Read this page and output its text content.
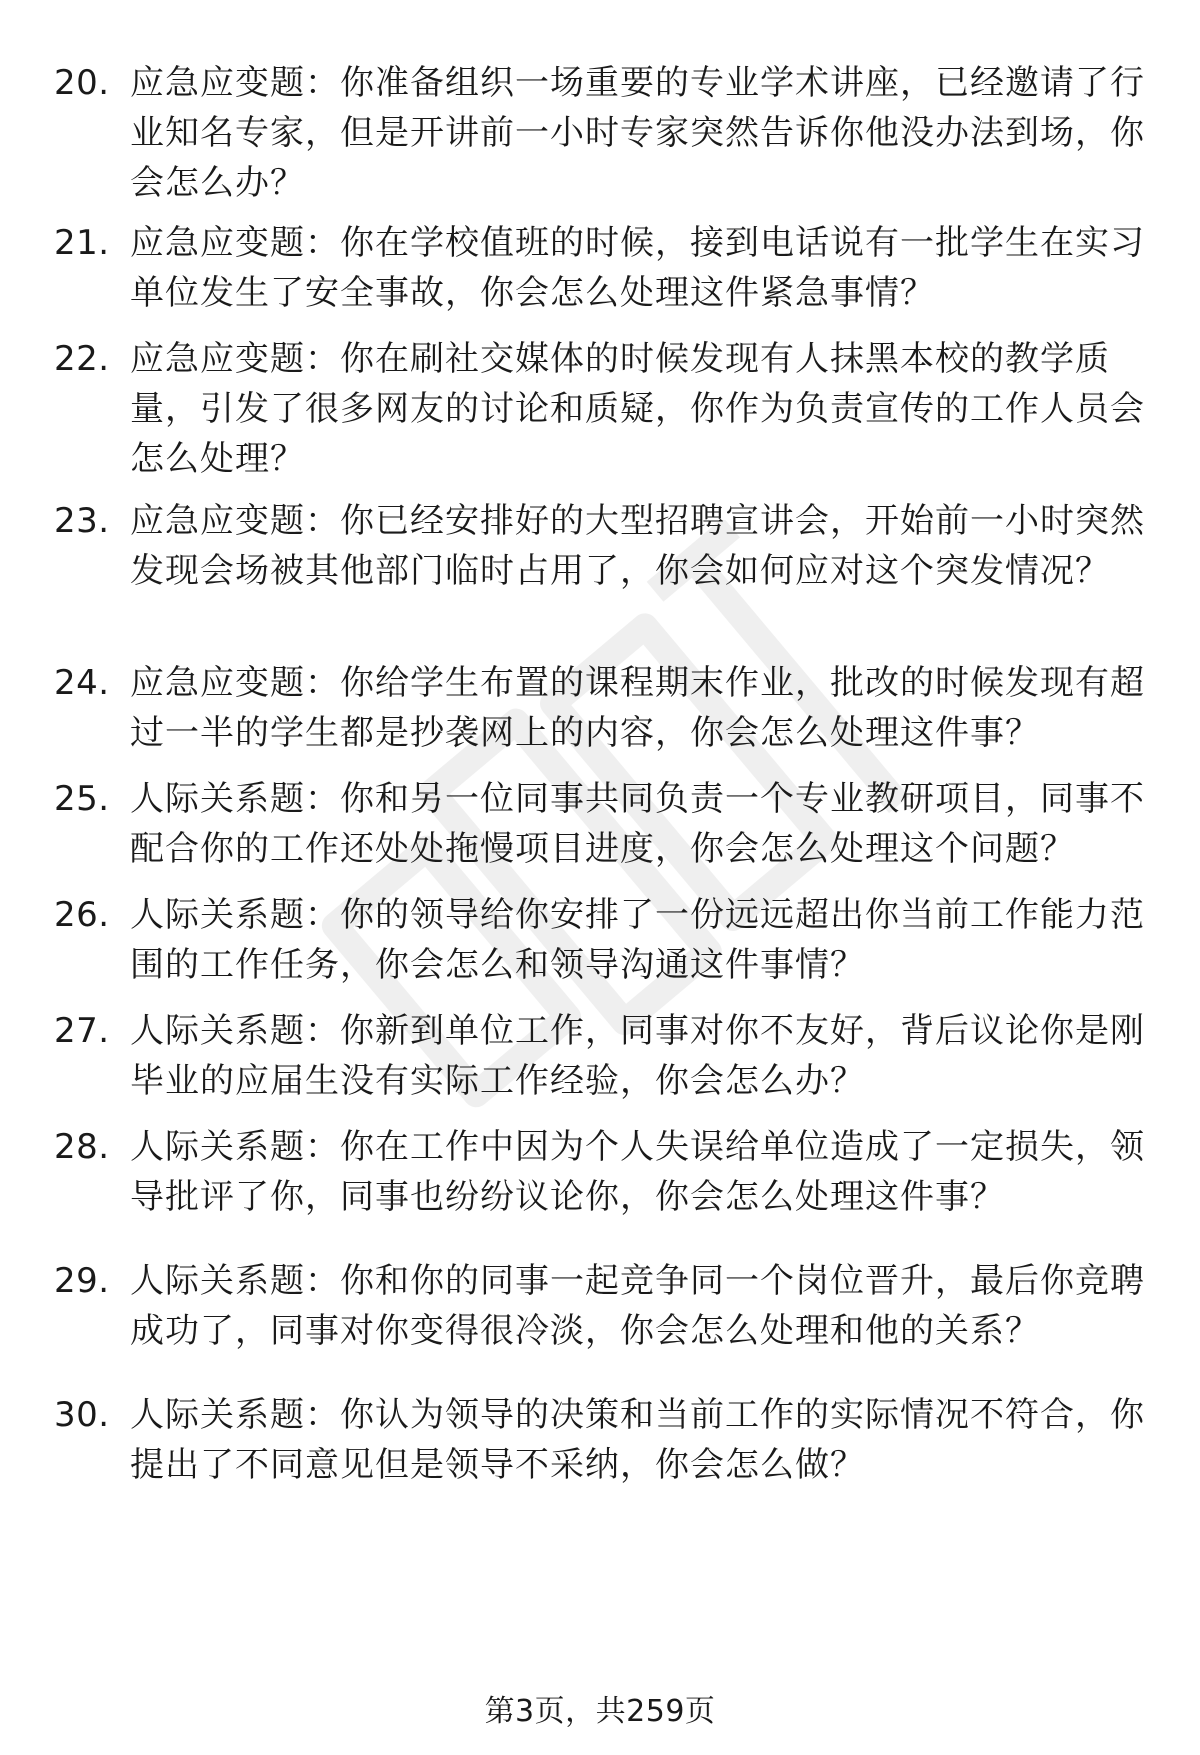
20. 应急应变题：你准备组织一场重要的专业学术讲座，已经邀请了行业知名专家，但是开讲前一小时专家突然告诉你他没办法到场，你会怎么办？
21. 应急应变题：你在学校值班的时候，接到电话说有一批学生在实习单位发生了安全事故，你会怎么处理这件紧急事情？
22. 应急应变题：你在刷社交媒体的时候发现有人抹黑本校的教学质量，引发了很多网友的讨论和质疑，你作为负责宣传的工作人员会怎么处理？
23. 应急应变题：你已经安排好的大型招聘宣讲会，开始前一小时突然发现会场被其他部门临时占用了，你会如何应对这个突发情况？
24. 应急应变题：你给学生布置的课程期末作业，批改的时候发现有超过一半的学生都是抄袭网上的内容，你会怎么处理这件事？
25. 人际关系题：你和另一位同事共同负责一个专业教研项目，同事不配合你的工作还处处拖慢项目进度，你会怎么处理这个问题？
26. 人际关系题：你的领导给你安排了一份远远超出你当前工作能力范围的工作任务，你会怎么和领导沟通这件事情？
27. 人际关系题：你新到单位工作，同事对你不友好，背后议论你是刚毕业的应届生没有实际工作经验，你会怎么办？
28. 人际关系题：你在工作中因为个人失误给单位造成了一定损失，领导批评了你，同事也纷纷议论你，你会怎么处理这件事？
29. 人际关系题：你和你的同事一起竞争同一个岗位晋升，最后你竞聘成功了，同事对你变得很冷淡，你会怎么处理和他的关系？
30. 人际关系题：你认为领导的决策和当前工作的实际情况不符合，你提出了不同意见但是领导不采纳，你会怎么做？
第3页，共259页
